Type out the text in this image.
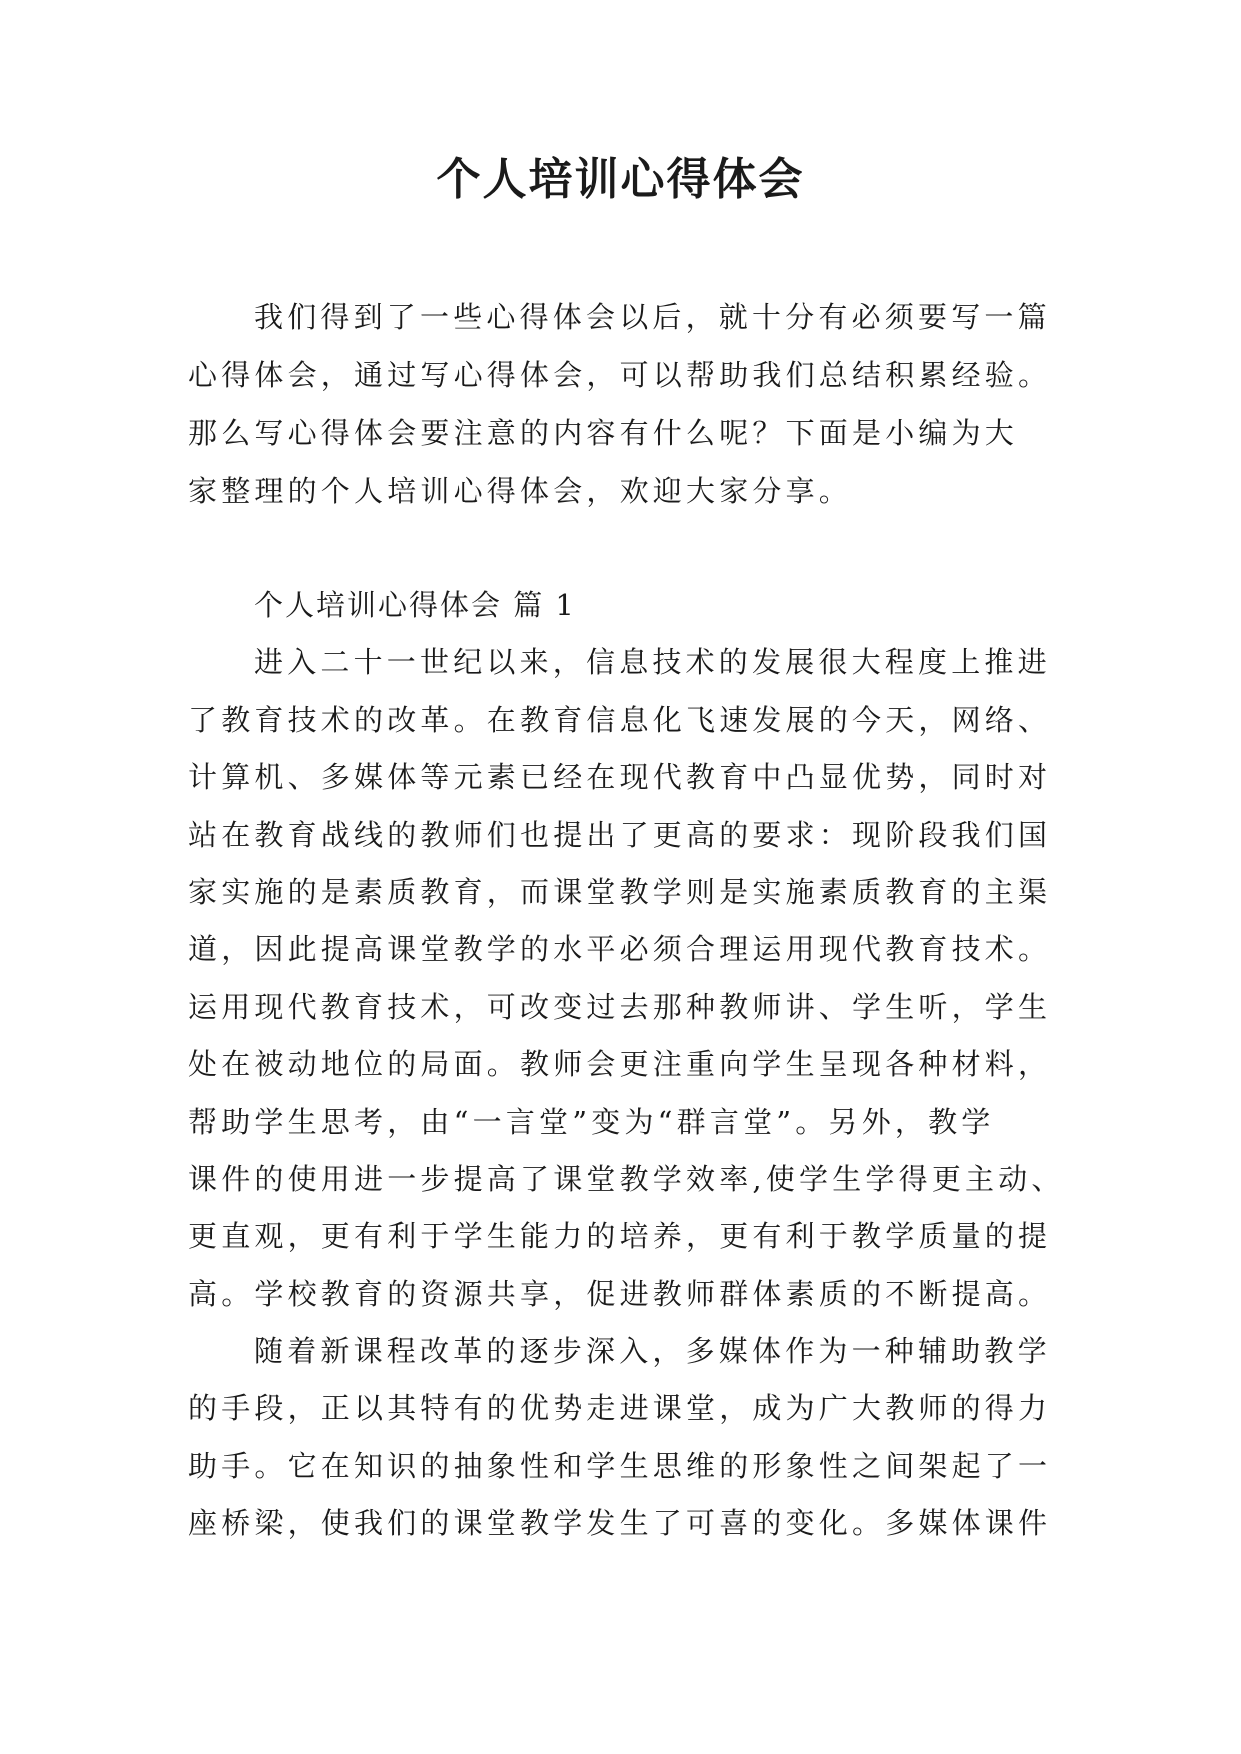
个人培训心得体会
我们得到了一些心得体会以后，就十分有必须要写一篇
心得体会，通过写心得体会，可以帮助我们总结积累经验。
那么写心得体会要注意的内容有什么呢？下面是小编为大
家整理的个人培训心得体会，欢迎大家分享。
个人培训心得体会 篇 1
进入二十一世纪以来，信息技术的发展很大程度上推进
了教育技术的改革。在教育信息化飞速发展的今天，网络、
计算机、多媒体等元素已经在现代教育中凸显优势，同时对
站在教育战线的教师们也提出了更高的要求：现阶段我们国
家实施的是素质教育，而课堂教学则是实施素质教育的主渠
道，因此提高课堂教学的水平必须合理运用现代教育技术。
运用现代教育技术，可改变过去那种教师讲、学生听，学生
处在被动地位的局面。教师会更注重向学生呈现各种材料，
帮助学生思考，由“一言堂”变为“群言堂”。另外，教学
课件的使用进一步提高了课堂教学效率,使学生学得更主动、
更直观，更有利于学生能力的培养，更有利于教学质量的提
高。学校教育的资源共享，促进教师群体素质的不断提高。
随着新课程改革的逐步深入，多媒体作为一种辅助教学
的手段，正以其特有的优势走进课堂，成为广大教师的得力
助手。它在知识的抽象性和学生思维的形象性之间架起了一
座桥梁，使我们的课堂教学发生了可喜的变化。多媒体课件
